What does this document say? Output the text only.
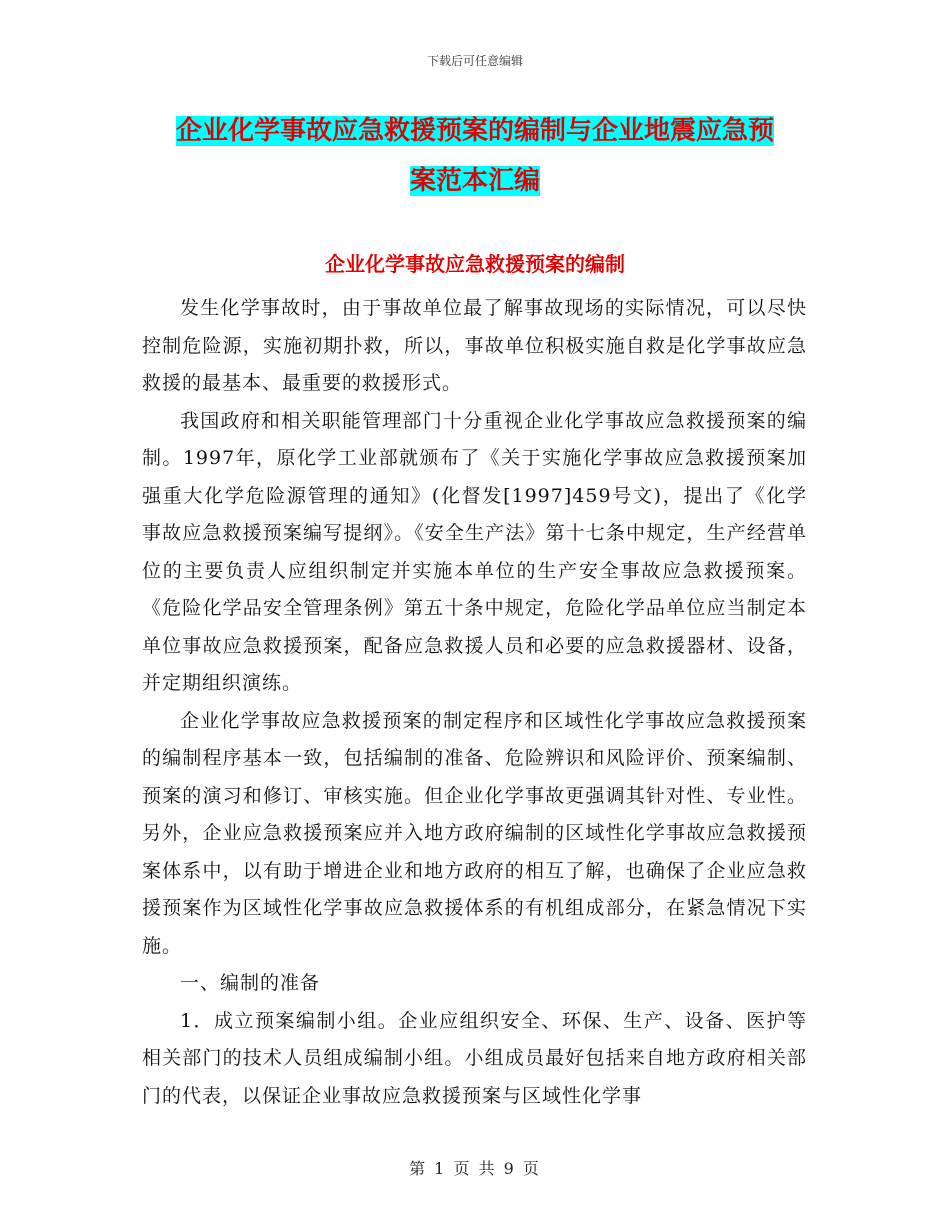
下载后可任意编辑
企业化学事故应急救援预案的编制与企业地震应急预
案范本汇编
企业化学事故应急救援预案的编制

发生化学事故时，由于事故单位最了解事故现场的实际情况，可以尽快控制危险源，实施初期扑救，所以，事故单位积极实施自救是化学事故应急救援的最基本、最重要的救援形式。

我国政府和相关职能管理部门十分重视企业化学事故应急救援预案的编制。1997年，原化学工业部就颁布了《关于实施化学事故应急救援预案加强重大化学危险源管理的通知》(化督发[1997]459号文)，提出了《化学事故应急救援预案编写提纲》。《安全生产法》第十七条中规定，生产经营单位的主要负责人应组织制定并实施本单位的生产安全事故应急救援预案。《危险化学品安全管理条例》第五十条中规定，危险化学品单位应当制定本单位事故应急救援预案，配备应急救援人员和必要的应急救援器材、设备，并定期组织演练。

企业化学事故应急救援预案的制定程序和区域性化学事故应急救援预案的编制程序基本一致，包括编制的准备、危险辨识和风险评价、预案编制、预案的演习和修订、审核实施。但企业化学事故更强调其针对性、专业性。另外，企业应急救援预案应并入地方政府编制的区域性化学事故应急救援预案体系中，以有助于增进企业和地方政府的相互了解，也确保了企业应急救援预案作为区域性化学事故应急救援体系的有机组成部分，在紧急情况下实施。

一、编制的准备

1．成立预案编制小组。企业应组织安全、环保、生产、设备、医护等相关部门的技术人员组成编制小组。小组成员最好包括来自地方政府相关部门的代表，以保证企业事故应急救援预案与区域性化学事

第 1 页 共 9 页
